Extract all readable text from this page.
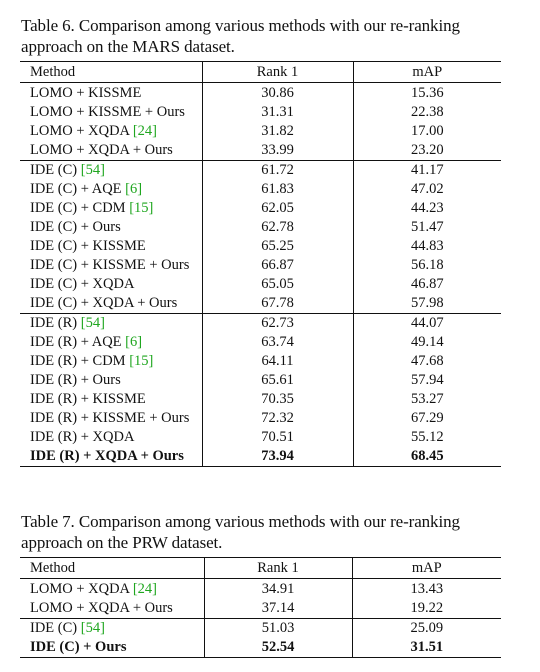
Table 6. Comparison among various methods with our re-ranking approach on the MARS dataset.
Method	Rank 1	mAP
LOMO + KISSME	30.86	15.36
LOMO + KISSME + Ours	31.31	22.38
LOMO + XQDA [24]	31.82	17.00
LOMO + XQDA + Ours	33.99	23.20
IDE (C) [54]	61.72	41.17
IDE (C) + AQE [6]	61.83	47.02
IDE (C) + CDM [15]	62.05	44.23
IDE (C) + Ours	62.78	51.47
IDE (C) + KISSME	65.25	44.83
IDE (C) + KISSME + Ours	66.87	56.18
IDE (C) + XQDA	65.05	46.87
IDE (C) + XQDA + Ours	67.78	57.98
IDE (R) [54]	62.73	44.07
IDE (R) + AQE [6]	63.74	49.14
IDE (R) + CDM [15]	64.11	47.68
IDE (R) + Ours	65.61	57.94
IDE (R) + KISSME	70.35	53.27
IDE (R) + KISSME + Ours	72.32	67.29
IDE (R) + XQDA	70.51	55.12
IDE (R) + XQDA + Ours	73.94	68.45
Table 7. Comparison among various methods with our re-ranking approach on the PRW dataset.
Method	Rank 1	mAP
LOMO + XQDA [24]	34.91	13.43
LOMO + XQDA + Ours	37.14	19.22
IDE (C) [54]	51.03	25.09
IDE (C) + Ours	52.54	31.51
